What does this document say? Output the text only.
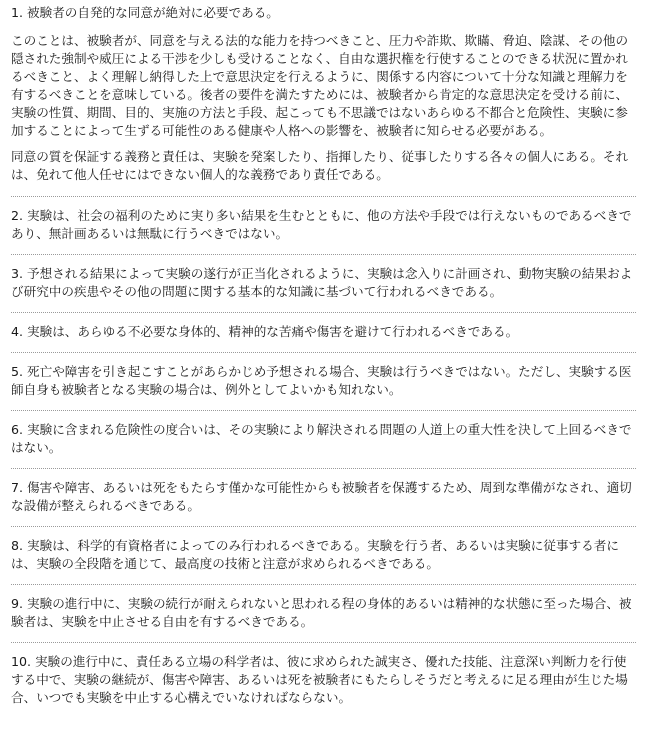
1. 被験者の自発的な同意が絶対に必要である。

このことは、被験者が、同意を与える法的な能力を持つべきこと、圧力や詐欺、欺瞞、脅迫、陰謀、その他の隠された強制や威圧による干渉を少しも受けることなく、自由な選択権を行使することのできる状況に置かれるべきこと、よく理解し納得した上で意思決定を行えるように、関係する内容について十分な知識と理解力を有するべきことを意味している。後者の要件を満たすためには、被験者から肯定的な意思決定を受ける前に、実験の性質、期間、目的、実施の方法と手段、起こっても不思議ではないあらゆる不都合と危険性、実験に参加することによって生ずる可能性のある健康や人格への影響を、被験者に知らせる必要がある。

同意の質を保証する義務と責任は、実験を発案したり、指揮したり、従事したりする各々の個人にある。それは、免れて他人任せにはできない個人的な義務であり責任である。

2. 実験は、社会の福利のために実り多い結果を生むとともに、他の方法や手段では行えないものであるべきであり、無計画あるいは無駄に行うべきではない。

3. 予想される結果によって実験の遂行が正当化されるように、実験は念入りに計画され、動物実験の結果および研究中の疾患やその他の問題に関する基本的な知識に基づいて行われるべきである。

4. 実験は、あらゆる不必要な身体的、精神的な苦痛や傷害を避けて行われるべきである。

5. 死亡や障害を引き起こすことがあらかじめ予想される場合、実験は行うべきではない。ただし、実験する医師自身も被験者となる実験の場合は、例外としてよいかも知れない。

6. 実験に含まれる危険性の度合いは、その実験により解決される問題の人道上の重大性を決して上回るべきではない。

7. 傷害や障害、あるいは死をもたらす僅かな可能性からも被験者を保護するため、周到な準備がなされ、適切な設備が整えられるべきである。

8. 実験は、科学的有資格者によってのみ行われるべきである。実験を行う者、あるいは実験に従事する者には、実験の全段階を通じて、最高度の技術と注意が求められるべきである。

9. 実験の進行中に、実験の続行が耐えられないと思われる程の身体的あるいは精神的な状態に至った場合、被験者は、実験を中止させる自由を有するべきである。

10. 実験の進行中に、責任ある立場の科学者は、彼に求められた誠実さ、優れた技能、注意深い判断力を行使する中で、実験の継続が、傷害や障害、あるいは死を被験者にもたらしそうだと考えるに足る理由が生じた場合、いつでも実験を中止する心構えでいなければならない。
